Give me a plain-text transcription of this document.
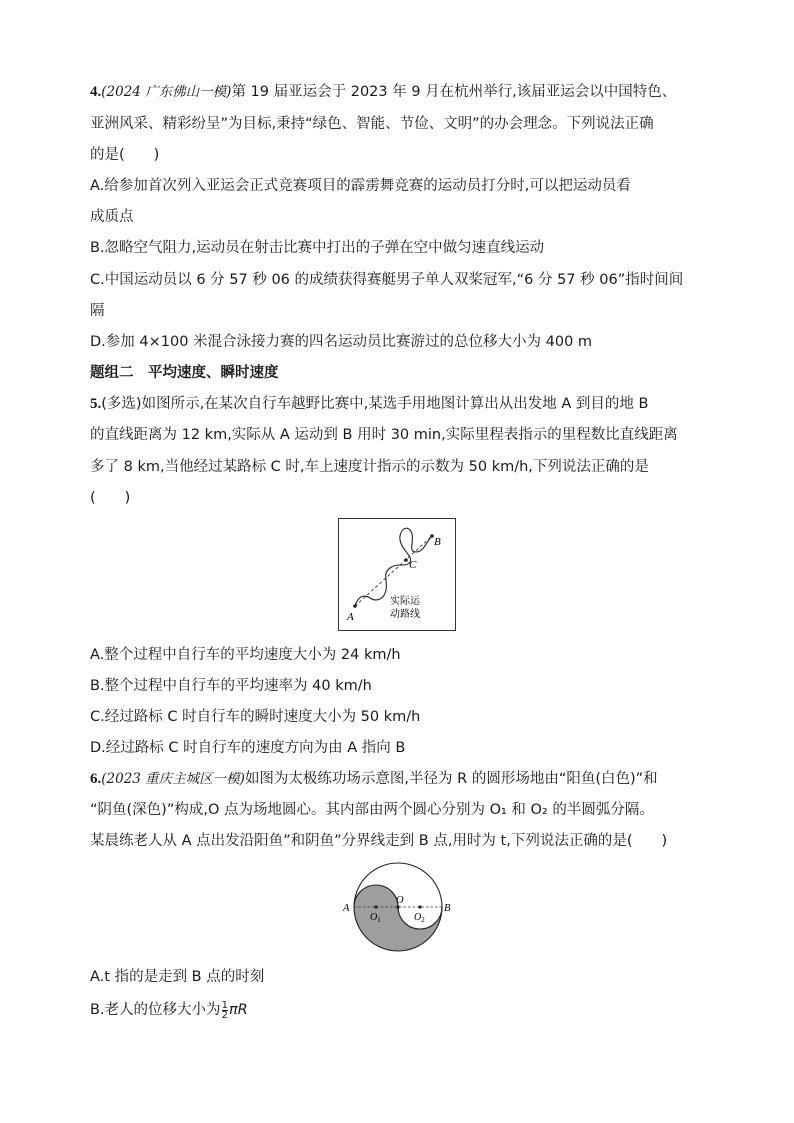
4.(2024 广东佛山一模)第 19 届亚运会于 2023 年 9 月在杭州举行,该届亚运会以中国特色、
亚洲风采、精彩纷呈”为目标,秉持“绿色、智能、节俭、文明”的办会理念。下列说法正确
的是(　　)
A.给参加首次列入亚运会正式竞赛项目的霹雳舞竞赛的运动员打分时,可以把运动员看
成质点
B.忽略空气阻力,运动员在射击比赛中打出的子弹在空中做匀速直线运动
C.中国运动员以 6 分 57 秒 06 的成绩获得赛艇男子单人双桨冠军,“6 分 57 秒 06”指时间间
隔
D.参加 4×100 米混合泳接力赛的四名运动员比赛游过的总位移大小为 400 m
题组二　平均速度、瞬时速度
5.(多选)如图所示,在某次自行车越野比赛中,某选手用地图计算出从出发地 A 到目的地 B
的直线距离为 12 km,实际从 A 运动到 B 用时 30 min,实际里程表指示的里程数比直线距离
多了 8 km,当他经过某路标 C 时,车上速度计指示的示数为 50 km/h,下列说法正确的是
(　　)
A
B
C
实际运
动路线
A.整个过程中自行车的平均速度大小为 24 km/h
B.整个过程中自行车的平均速率为 40 km/h
C.经过路标 C 时自行车的瞬时速度大小为 50 km/h
D.经过路标 C 时自行车的速度方向为由 A 指向 B
6.(2023 重庆主城区一模)如图为太极练功场示意图,半径为 R 的圆形场地由“阳鱼(白色)”和
“阴鱼(深色)”构成,O 点为场地圆心。其内部由两个圆心分别为 O₁ 和 O₂ 的半圆弧分隔。
某晨练老人从 A 点出发沿阳鱼”和阴鱼”分界线走到 B 点,用时为 t,下列说法正确的是(　　)
A	B
O
$O_1$	$O_2$
A.t 指的是走到 B 点的时刻
B.老人的位移大小为 $\frac{1}{2}$ πR
